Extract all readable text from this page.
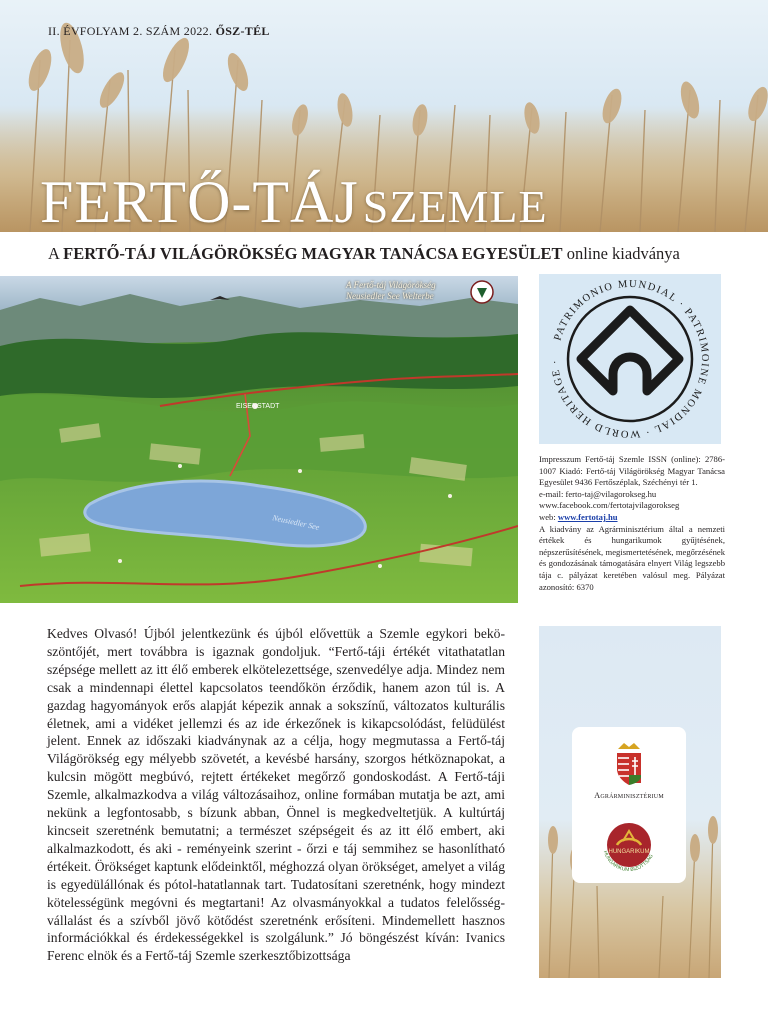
II. ÉVFOLYAM 2. SZÁM 2022. ŐSZ-TÉL
FERTŐ-TÁJ SZEMLE
A FERTŐ-TÁJ VILÁGÖRÖKSÉG MAGYAR TANÁCSA EGYESÜLET online kiadványa
EISENSTADT
Neusiedler See
A Fertő-táj Világörökség
Neusiedler See Welterbe
PATRIMONIO MUNDIAL · PATRIMOINE MONDIAL · WORLD HERITAGE ·

Impresszum Fertő-táj Szemle ISSN (online): 2786-1007 Kiadó: Fertő-táj Világörökség Magyar Tanácsa Egyesület 9436 Fertőszéplak, Széchényi tér 1.

e-mail: ferto-taj@vilagorokseg.hu

www.facebook.com/fertotajvilagorokseg

web: www.fertotaj.hu

A kiadvány az Agrárminisztérium által a nemzeti értékek és hungarikumok gyűjtésének, népszerűsítésének, megismertetésének, megőrzésének és gondozásának támogatására elnyert Világ legszebb tája c. pályázat keretében valósul meg. Pályázat azonosító: 6370

Agrárminisztérium
HUNGARIKUM
HUNGARIKUM BIZOTTSÁG

Kedves Olvasó! Újból jelentkezünk és újból elővettük a Szemle egykori beköszöntőjét, mert továbbra is igaznak gondoljuk. “Fertő-táji értékét vitathatatlan szépsége mellett az itt élő emberek elkötelezettsége, szenvedélye adja. Mindez nem csak a mindennapi élettel kapcsolatos teendőkön érződik, hanem azon túl is. A gazdag hagyományok erős alapját képezik annak a sokszínű, változatos kulturális életnek, ami a vidéket jellemzi és az ide érkezőnek is kikapcsolódást, felüdülést jelent. Ennek az időszaki kiadványnak az a célja, hogy megmutassa a Fertő-táj Világörökség egy mélyebb szövetét, a kevésbé harsány, szorgos hétköznapokat, a kulcsin mögött megbúvó, rejtett értékeket megőrző gondoskodást. A Fertő-táji Szemle, alkalmazkodva a világ változásaihoz, online formában mutatja be azt, ami nekünk a legfontosabb, s bízunk abban, Önnel is megkedveltetjük. A kultúrtáj kincseit szeretnénk bemutatni; a természet szépségeit és az itt élő embert, aki alkalmazkodott, és aki - reményeink szerint - őrzi e táj semmihez se hasonlítható értékeit. Örökséget kaptunk elődeinktől, méghozzá olyan örökséget, amelyet a világ is egyedülállónak és pótol-hatatlannak tart. Tudatosítani szeretnénk, hogy mindezt kötelességünk megóvni és megtartani! Az olvasmányokkal a tudatos felelősség-vállalást és a szívből jövő kötődést szeretnénk erősíteni. Mindemellett hasznos információkkal és érdekességekkel is szolgálunk.” Jó böngészést kíván: Ivanics Ferenc elnök és a Fertő-táj Szemle szerkesztőbizottsága
